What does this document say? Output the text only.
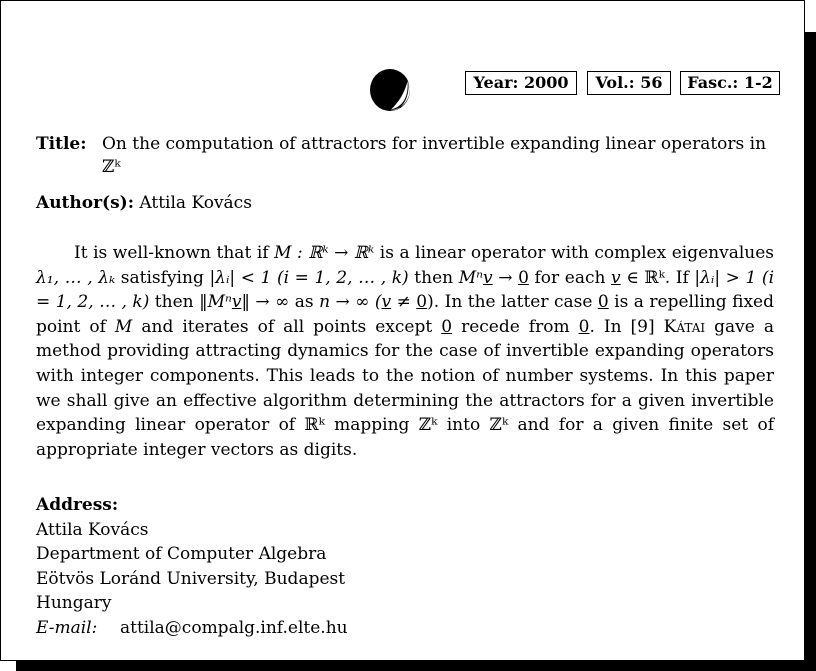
Year: 2000	Vol.: 56	Fasc.: 1-2
Title: On the computation of attractors for invertible expanding linear operators in ℤᵏ
Author(s): Attila Kovács

It is well-known that if M : ℝᵏ → ℝᵏ is a linear operator with complex eigenvalues λ₁, … , λₖ satisfying |λᵢ| < 1 (i = 1, 2, … , k) then Mⁿv → 0 for each v ∈ ℝᵏ. If |λᵢ| > 1 (i = 1, 2, … , k) then ‖Mⁿv‖ → ∞ as n → ∞ (v ≠ 0). In the latter case 0 is a repelling fixed point of M and iterates of all points except 0 recede from 0. In [9] Kátai gave a method providing attracting dynamics for the case of invertible expanding operators with integer components. This leads to the notion of number systems. In this paper we shall give an effective algorithm determining the attractors for a given invertible expanding linear operator of ℝᵏ mapping ℤᵏ into ℤᵏ and for a given finite set of appropriate integer vectors as digits.

Address:
Attila Kovács
Department of Computer Algebra
Eötvös Loránd University, Budapest
Hungary
E-mail: attila@compalg.inf.elte.hu
